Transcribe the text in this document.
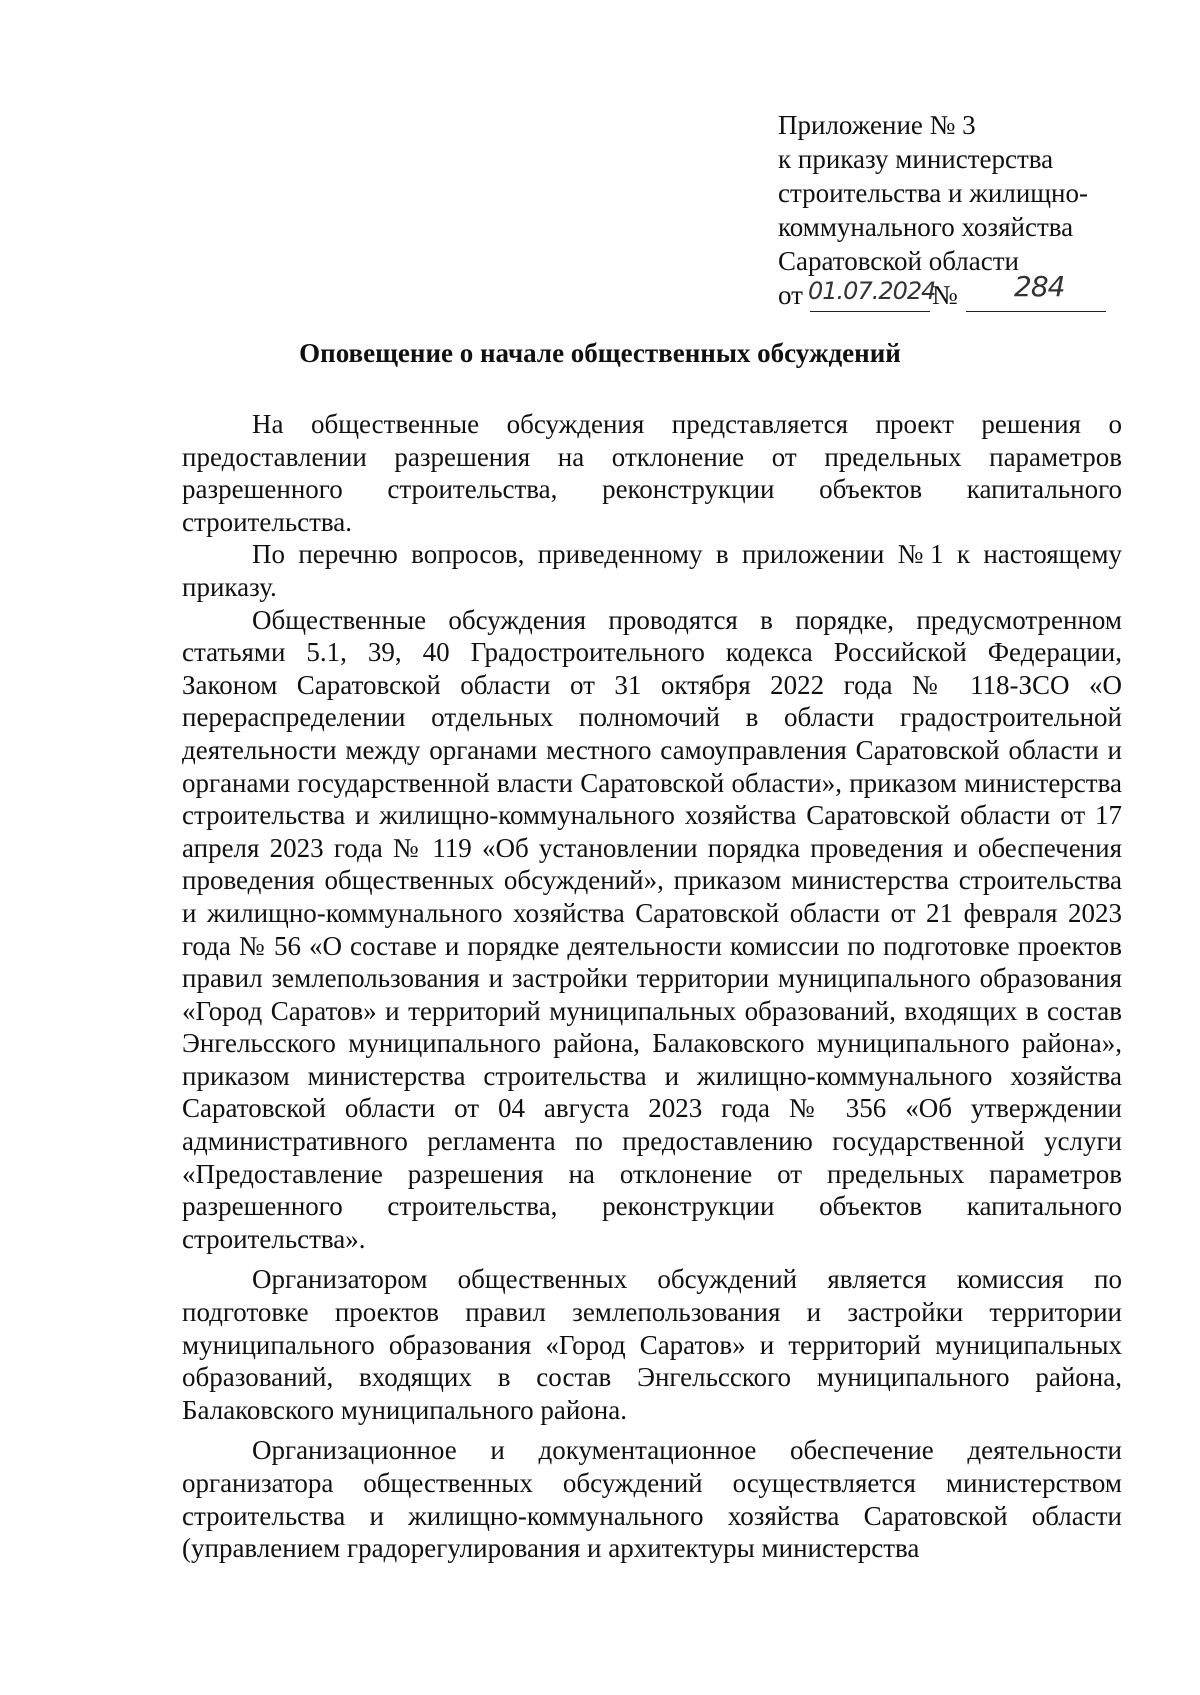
Приложение № 3
к приказу министерства
строительства и жилищно-
коммунального хозяйства
Саратовской области
от 01.07.2024
№ 284
Оповещение о начале общественных обсуждений

На общественные обсуждения представляется проект решения о предоставлении разрешения на отклонение от предельных параметров разрешенного строительства, реконструкции объектов капитального строительства.

По перечню вопросов, приведенному в приложении №1 к настоящему приказу.

Общественные обсуждения проводятся в порядке, предусмотренном статьями 5.1, 39, 40 Градостроительного кодекса Российской Федерации, Законом Саратовской области от 31 октября 2022 года № 118-ЗСО «О перераспределении отдельных полномочий в области градостроительной деятельности между органами местного самоуправления Саратовской области и органами государственной власти Саратовской области», приказом министерства строительства и жилищно-коммунального хозяйства Саратовской области от 17 апреля 2023 года № 119 «Об установлении порядка проведения и обеспечения проведения общественных обсуждений», приказом министерства строительства и жилищно-коммунального хозяйства Саратовской области от 21 февраля 2023 года № 56 «О составе и порядке деятельности комиссии по подготовке проектов правил землепользования и застройки территории муниципального образования «Город Саратов» и территорий муниципальных образований, входящих в состав Энгельсского муниципального района, Балаковского муниципального района», приказом министерства строительства и жилищно-коммунального хозяйства Саратовской области от 04 августа 2023 года № 356 «Об утверждении административного регламента по предоставлению государственной услуги «Предоставление разрешения на отклонение от предельных параметров разрешенного строительства, реконструкции объектов капитального строительства».

Организатором общественных обсуждений является комиссия по подготовке проектов правил землепользования и застройки территории муниципального образования «Город Саратов» и территорий муниципальных образований, входящих в состав Энгельсского муниципального района, Балаковского муниципального района.

Организационное и документационное обеспечение деятельности организатора общественных обсуждений осуществляется министерством строительства и жилищно-коммунального хозяйства Саратовской области (управлением градорегулирования и архитектуры министерства
